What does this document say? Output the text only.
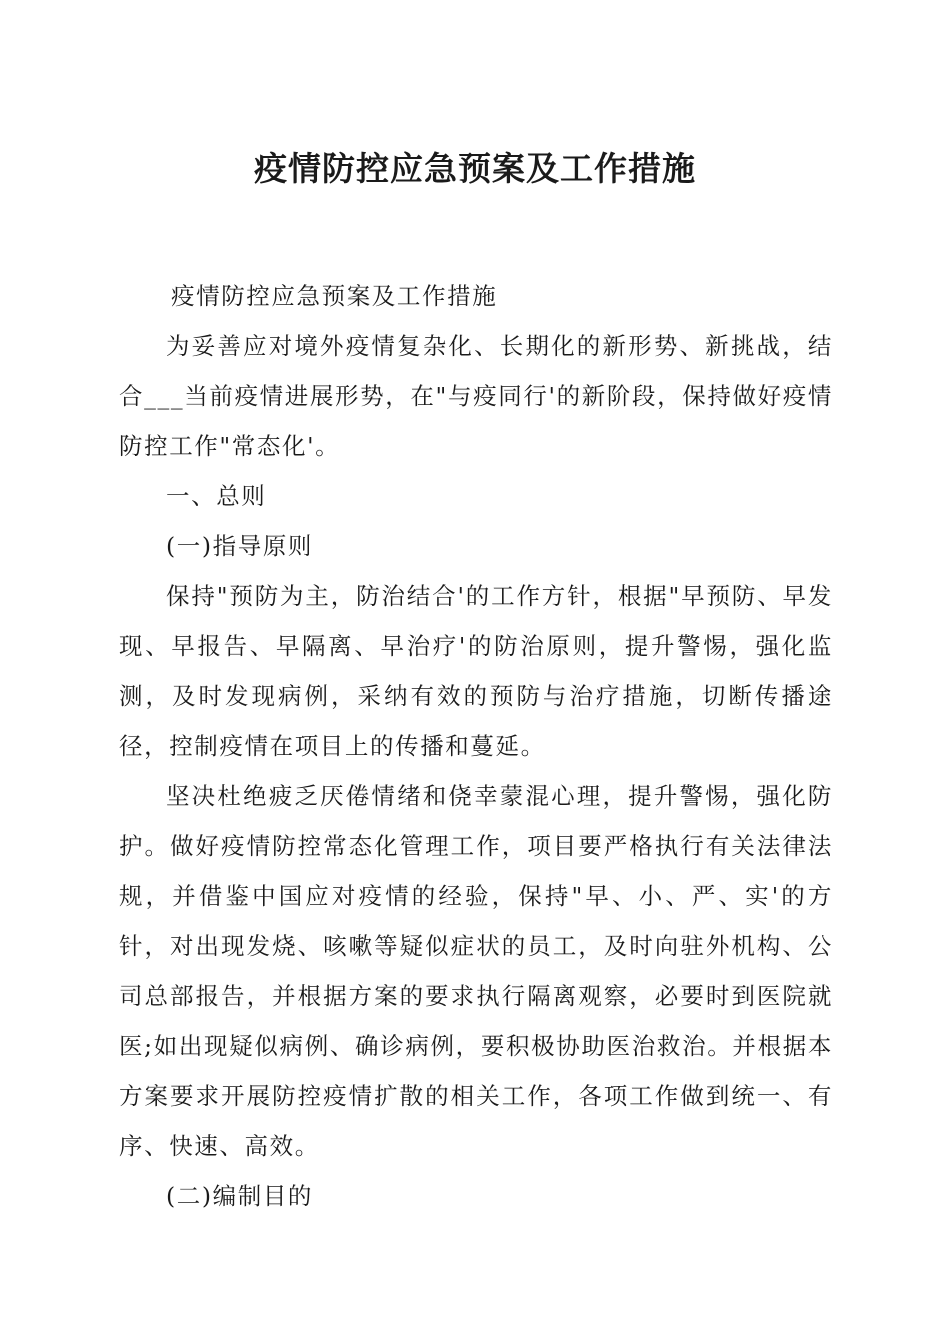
疫情防控应急预案及工作措施

疫情防控应急预案及工作措施

为妥善应对境外疫情复杂化、长期化的新形势、新挑战，结合___当前疫情进展形势，在"与疫同行'的新阶段，保持做好疫情防控工作"常态化'。

一、总则

(一)指导原则

保持"预防为主，防治结合'的工作方针，根据"早预防、早发现、早报告、早隔离、早治疗'的防治原则，提升警惕，强化监测，及时发现病例，采纳有效的预防与治疗措施，切断传播途径，控制疫情在项目上的传播和蔓延。

坚决杜绝疲乏厌倦情绪和侥幸蒙混心理，提升警惕，强化防护。做好疫情防控常态化管理工作，项目要严格执行有关法律法规，并借鉴中国应对疫情的经验，保持"早、小、严、实'的方针，对出现发烧、咳嗽等疑似症状的员工，及时向驻外机构、公司总部报告，并根据方案的要求执行隔离观察，必要时到医院就医;如出现疑似病例、确诊病例，要积极协助医治救治。并根据本方案要求开展防控疫情扩散的相关工作，各项工作做到统一、有序、快速、高效。

(二)编制目的
